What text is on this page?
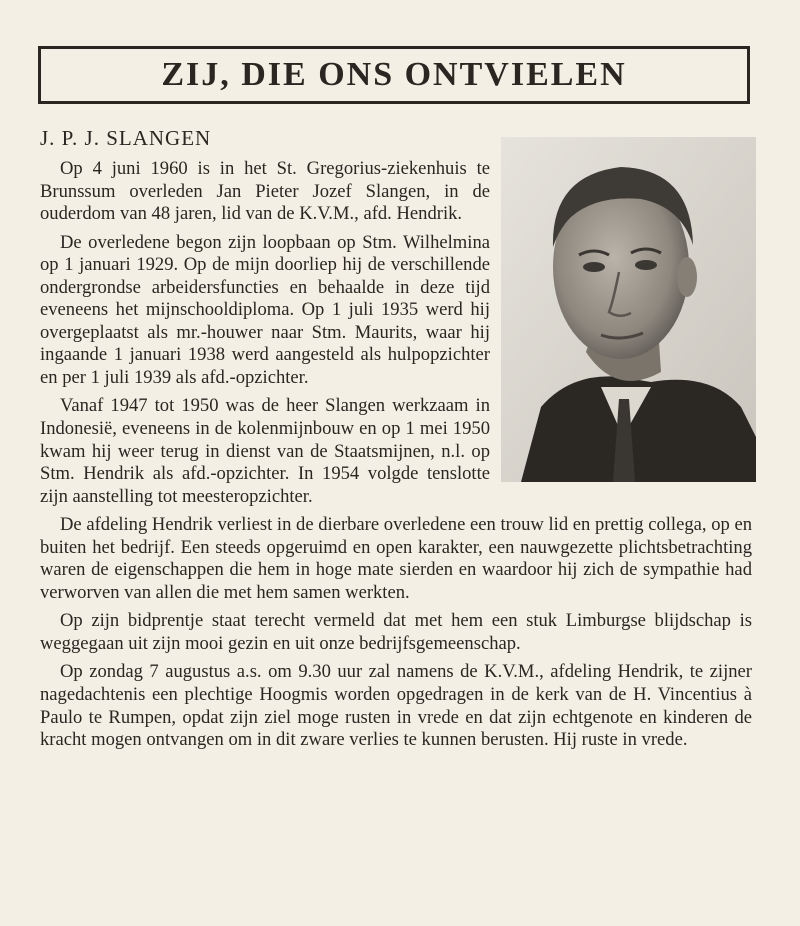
ZIJ, DIE ONS ONTVIELEN
J. P. J. SLANGEN

Op 4 juni 1960 is in het St. Gregorius-ziekenhuis te Brunssum overleden Jan Pieter Jozef Slangen, in de ouderdom van 48 jaren, lid van de K.V.M., afd. Hendrik.

De overledene begon zijn loopbaan op Stm. Wilhelmina op 1 januari 1929. Op de mijn doorliep hij de verschillende ondergrondse arbeidersfuncties en behaalde in deze tijd eveneens het mijnschooldiploma. Op 1 juli 1935 werd hij overgeplaatst als mr.-houwer naar Stm. Maurits, waar hij ingaande 1 januari 1938 werd aangesteld als hulpopzichter en per 1 juli 1939 als afd.-opzichter.

Vanaf 1947 tot 1950 was de heer Slangen werkzaam in Indonesië, eveneens in de kolenmijnbouw en op 1 mei 1950 kwam hij weer terug in dienst van de Staatsmijnen, n.l. op Stm. Hendrik als afd.-opzichter. In 1954 volgde tenslotte zijn aanstelling tot meesteropzichter.

De afdeling Hendrik verliest in de dierbare overledene een trouw lid en prettig collega, op en buiten het bedrijf. Een steeds opgeruimd en open karakter, een nauwgezette plichtsbetrachting waren de eigenschappen die hem in hoge mate sierden en waardoor hij zich de sympathie had verworven van allen die met hem samen werkten.

Op zijn bidprentje staat terecht vermeld dat met hem een stuk Limburgse blijdschap is weggegaan uit zijn mooi gezin en uit onze bedrijfsgemeenschap.

Op zondag 7 augustus a.s. om 9.30 uur zal namens de K.V.M., afdeling Hendrik, te zijner nagedachtenis een plechtige Hoogmis worden opgedragen in de kerk van de H. Vincentius à Paulo te Rumpen, opdat zijn ziel moge rusten in vrede en dat zijn echtgenote en kinderen de kracht mogen ontvangen om in dit zware verlies te kunnen berusten. Hij ruste in vrede.
